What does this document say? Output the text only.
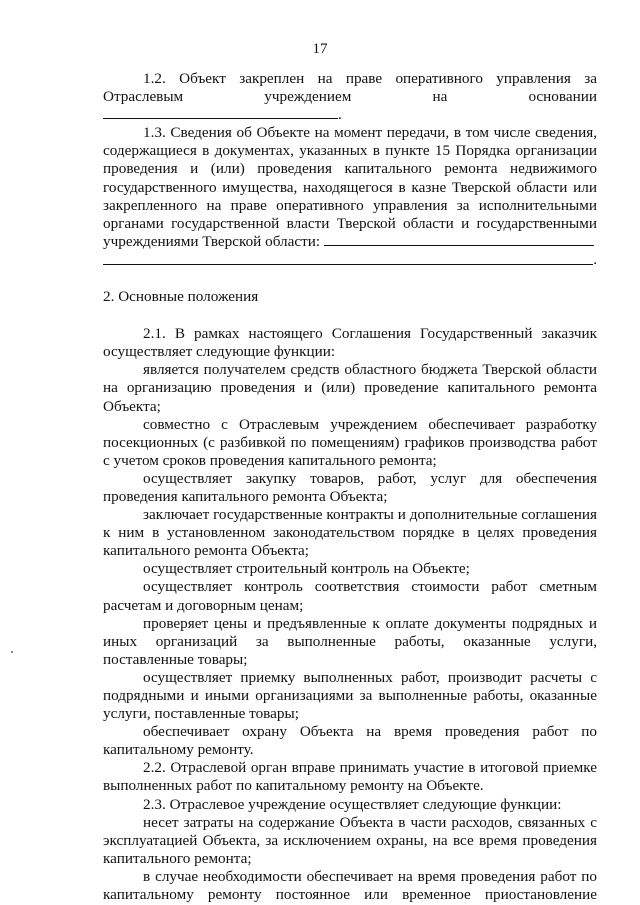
17

1.2. Объект закреплен на праве оперативного управления за Отраслевым учреждением на основании .

1.3. Сведения об Объекте на момент передачи, в том числе сведения, содержащиеся в документах, указанных в пункте 15 Порядка организации проведения и (или) проведения капитального ремонта недвижимого государственного имущества, находящегося в казне Тверской области или закрепленного на праве оперативного управления за исполнительными органами государственной власти Тверской области и государственными учреждениями Тверской области:

.

2. Основные положения

2.1. В рамках настоящего Соглашения Государственный заказчик осуществляет следующие функции:

является получателем средств областного бюджета Тверской области на организацию проведения и (или) проведение капитального ремонта Объекта;

совместно с Отраслевым учреждением обеспечивает разработку посекционных (с разбивкой по помещениям) графиков производства работ с учетом сроков проведения капитального ремонта;

осуществляет закупку товаров, работ, услуг для обеспечения проведения капитального ремонта Объекта;

заключает государственные контракты и дополнительные соглашения к ним в установленном законодательством порядке в целях проведения капитального ремонта Объекта;

осуществляет строительный контроль на Объекте;

осуществляет контроль соответствия стоимости работ сметным расчетам и договорным ценам;

проверяет цены и предъявленные к оплате документы подрядных и иных организаций за выполненные работы, оказанные услуги, поставленные товары;

осуществляет приемку выполненных работ, производит расчеты с подрядными и иными организациями за выполненные работы, оказанные услуги, поставленные товары;

обеспечивает охрану Объекта на время проведения работ по капитальному ремонту.

2.2. Отраслевой орган вправе принимать участие в итоговой приемке выполненных работ по капитальному ремонту на Объекте.

2.3. Отраслевое учреждение осуществляет следующие функции:

несет затраты на содержание Объекта в части расходов, связанных с эксплуатацией Объекта, за исключением охраны, на все время проведения капитального ремонта;

в случае необходимости обеспечивает на время проведения работ по капитальному ремонту постоянное или временное приостановление
